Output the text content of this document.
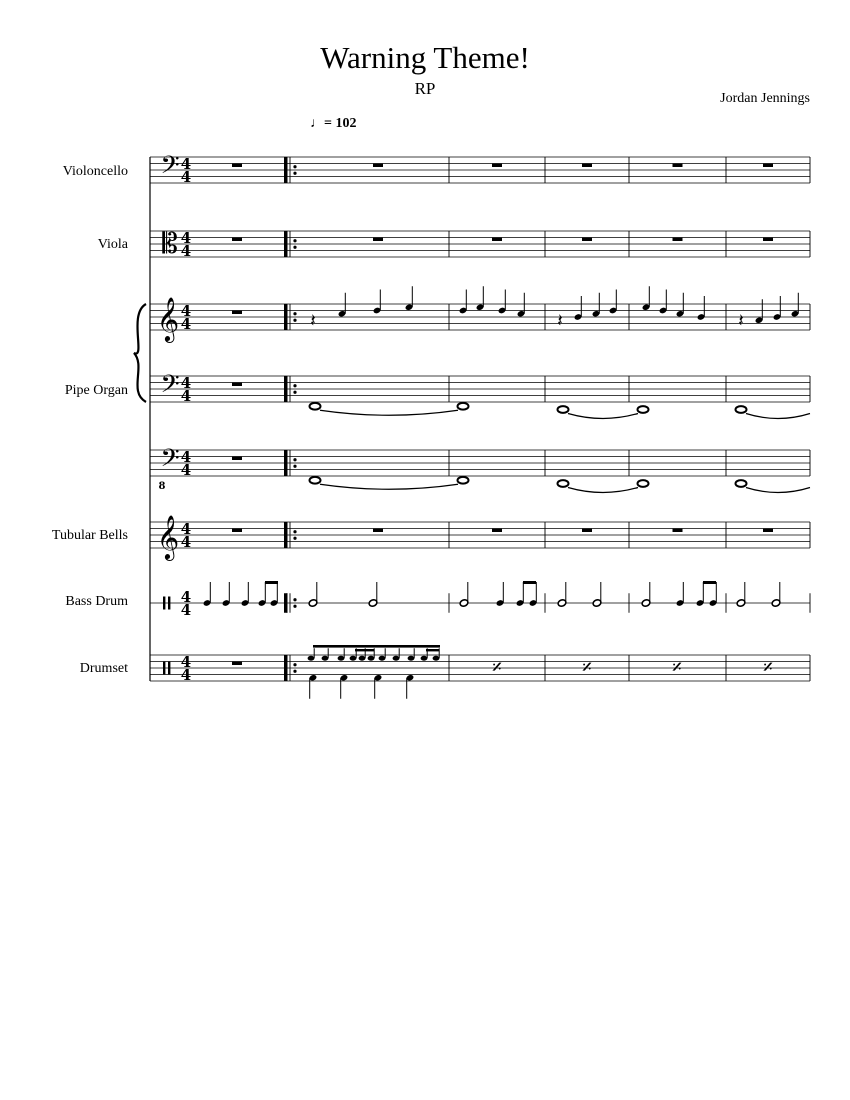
Warning Theme!
RP
Jordan Jennings
♩= 102
Violoncello
Viola
Pipe Organ
Tubular Bells
Bass Drum
Drumset
𝄢 4
4
𝄡 4
4
𝄞 4
4
𝄢 4
4
𝄢
8
4
4
𝄞 4
4
4
4
4
4
𝄽	𝄽	𝄽
𝄎	𝄎	𝄎	𝄎
